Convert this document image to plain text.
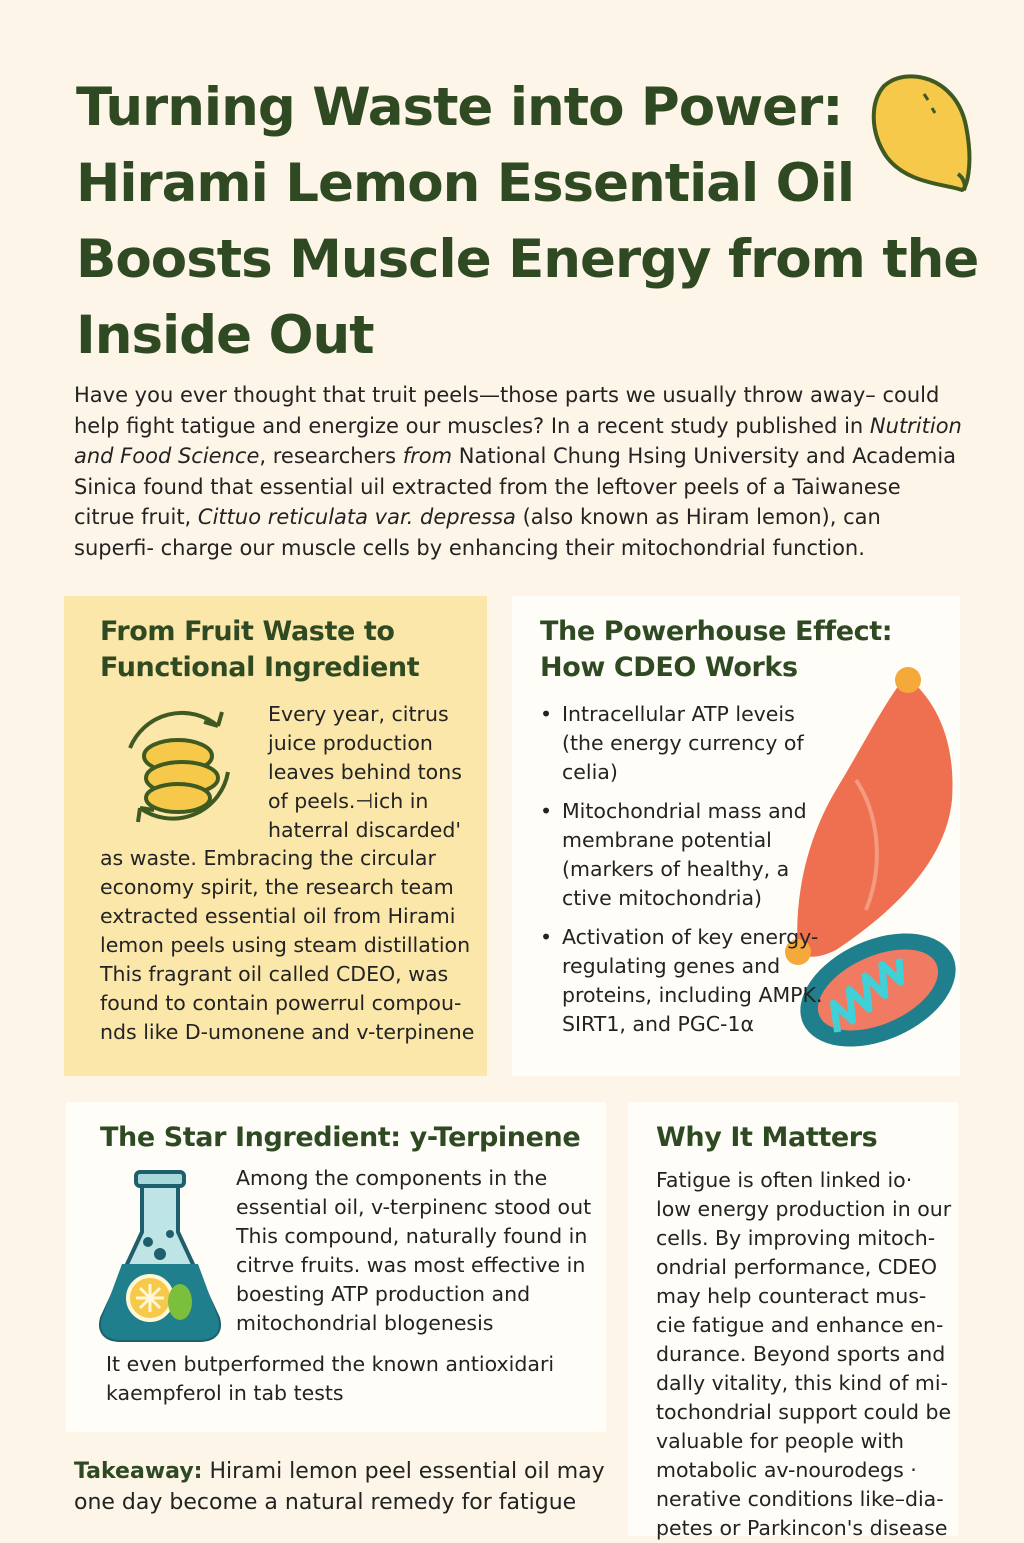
Turning Waste into Power: Hirami Lemon Essential Oil Boosts Muscle Energy from the Inside Out

Have you ever thought that truit peels—those parts we usually throw away– could help fight tatigue and energize our muscles? In a recent study published in Nutrition and Food Science, researchers from National Chung Hsing University and Academia Sinica found that essential uil extracted from the leftover peels of a Taiwanese citrue fruit, Cittuo reticulata var. depressa (also known as Hiram lemon), can superfi- charge our muscle cells by enhancing their mitochondrial function.

From Fruit Waste to Functional Ingredient

Every year, citrus juice production leaves behind tons of peels.⊣ich in haterral discarded'

as waste. Embracing the circular economy spirit, the research team extracted essential oil from Hirami lemon peels using steam distillation This fragrant oil called CDEO, was found to contain powerrul compou- nds like D-umonene and v-terpinene

The Powerhouse Effect: How CDEO Works
• Intracellular ATP leveis (the energy currency of celia)
• Mitochondrial mass and membrane potential (markers of healthy, a ctive mitochondria)
• Activation of key energy-regulating genes and proteins, including AMPK. SIRT1, and PGC-1α
The Star Ingredient: y-Terpinene

Among the components in the essential oil, v-terpinenc stood out This compound, naturally found in citrve fruits. was most effective in boesting ATP production and mitochondrial blogenesis

It even butperformed the known antioxidari kaempferol in tab tests

Why It Matters

Fatigue is often linked io· low energy production in our cells. By improving mitoch- ondrial performance, CDEO may help counteract mus- cie fatigue and enhance en- durance. Beyond sports and dally vitality, this kind of mi- tochondrial support could be valuable for people with motabolic av-nourodegs · nerative conditions like–dia- petes or Parkincon's disease

Takeaway: Hirami lemon peel essential oil may one day become a natural remedy for fatigue
